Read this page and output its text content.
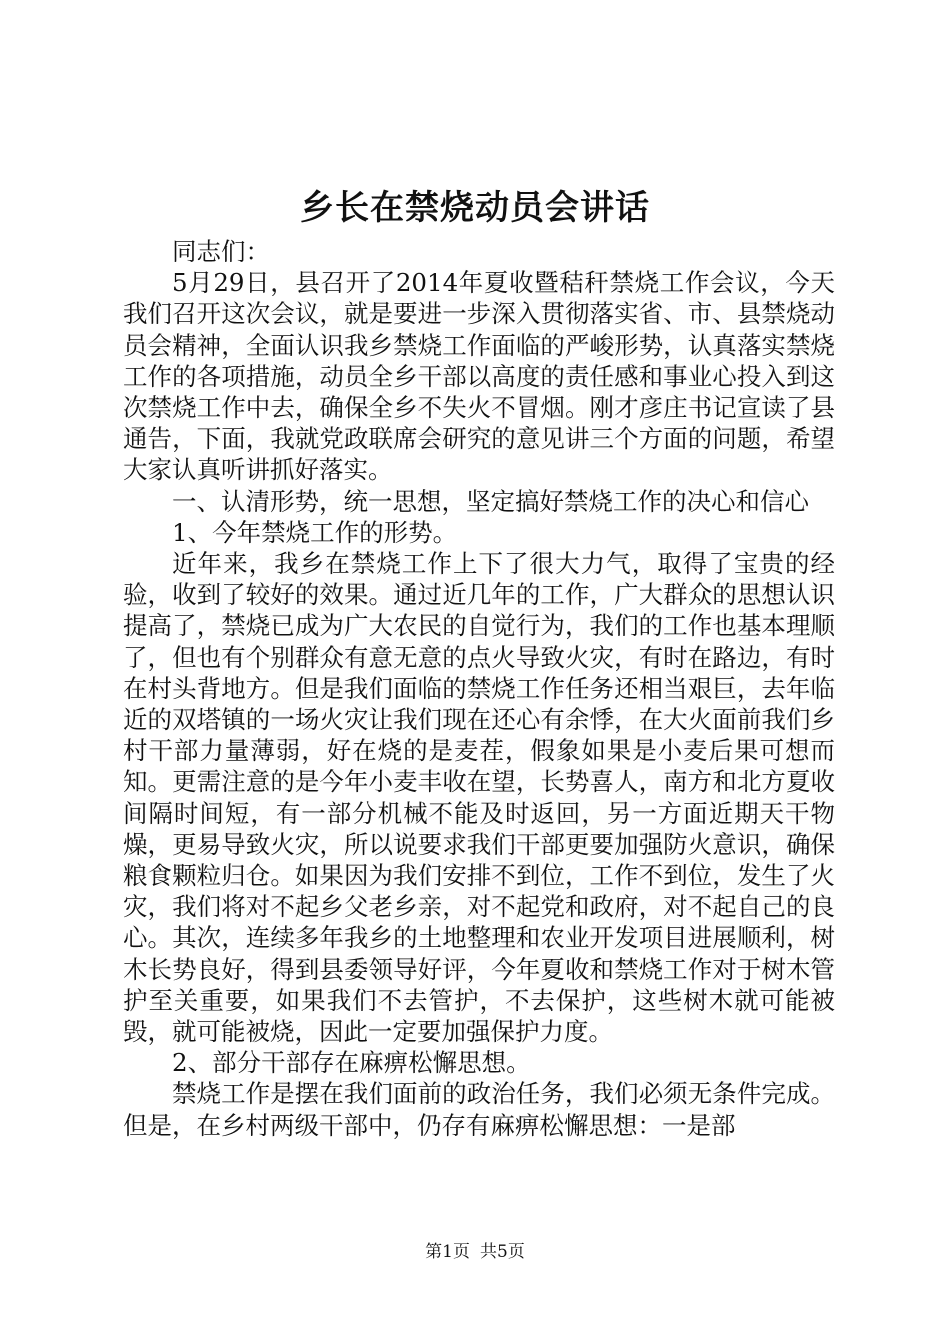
乡长在禁烧动员会讲话

同志们：

5月29日，县召开了2014年夏收暨秸秆禁烧工作会议，今天我们召开这次会议，就是要进一步深入贯彻落实省、市、县禁烧动员会精神，全面认识我乡禁烧工作面临的严峻形势，认真落实禁烧工作的各项措施，动员全乡干部以高度的责任感和事业心投入到这次禁烧工作中去，确保全乡不失火不冒烟。刚才彦庄书记宣读了县通告，下面，我就党政联席会研究的意见讲三个方面的问题，希望大家认真听讲抓好落实。

一、认清形势，统一思想，坚定搞好禁烧工作的决心和信心

1、今年禁烧工作的形势。

近年来，我乡在禁烧工作上下了很大力气，取得了宝贵的经验，收到了较好的效果。通过近几年的工作，广大群众的思想认识提高了，禁烧已成为广大农民的自觉行为，我们的工作也基本理顺了，但也有个别群众有意无意的点火导致火灾，有时在路边，有时在村头背地方。但是我们面临的禁烧工作任务还相当艰巨，去年临近的双塔镇的一场火灾让我们现在还心有余悸，在大火面前我们乡村干部力量薄弱，好在烧的是麦茬，假象如果是小麦后果可想而知。更需注意的是今年小麦丰收在望，长势喜人，南方和北方夏收间隔时间短，有一部分机械不能及时返回，另一方面近期天干物燥，更易导致火灾，所以说要求我们干部更要加强防火意识，确保粮食颗粒归仓。如果因为我们安排不到位，工作不到位，发生了火灾，我们将对不起乡父老乡亲，对不起党和政府，对不起自己的良心。其次，连续多年我乡的土地整理和农业开发项目进展顺利，树木长势良好，得到县委领导好评，今年夏收和禁烧工作对于树木管护至关重要，如果我们不去管护，不去保护，这些树木就可能被毁，就可能被烧，因此一定要加强保护力度。

2、部分干部存在麻痹松懈思想。

禁烧工作是摆在我们面前的政治任务，我们必须无条件完成。但是，在乡村两级干部中，仍存有麻痹松懈思想：一是部

第1页 共5页
